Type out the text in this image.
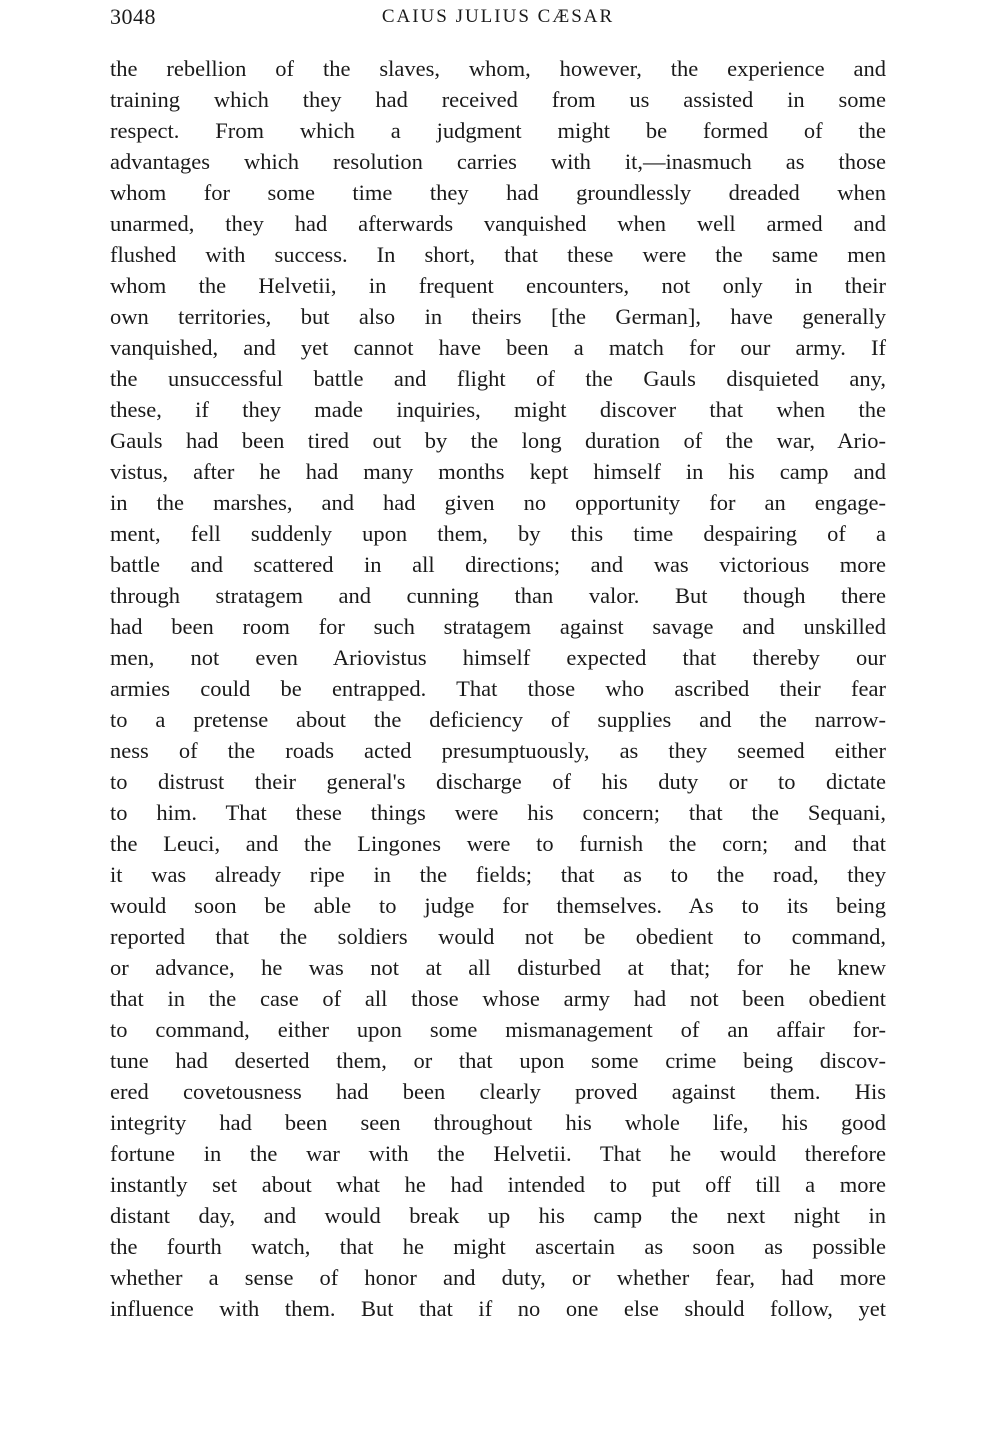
3048	CAIUS JULIUS CÆSAR
the rebellion of the slaves, whom, however, the experience and
training which they had received from us assisted in some
respect. From which a judgment might be formed of the
advantages which resolution carries with it,—inasmuch as those
whom for some time they had groundlessly dreaded when
unarmed, they had afterwards vanquished when well armed and
flushed with success. In short, that these were the same men
whom the Helvetii, in frequent encounters, not only in their
own territories, but also in theirs [the German], have generally
vanquished, and yet cannot have been a match for our army. If
the unsuccessful battle and flight of the Gauls disquieted any,
these, if they made inquiries, might discover that when the
Gauls had been tired out by the long duration of the war, Ario-
vistus, after he had many months kept himself in his camp and
in the marshes, and had given no opportunity for an engage-
ment, fell suddenly upon them, by this time despairing of a
battle and scattered in all directions; and was victorious more
through stratagem and cunning than valor. But though there
had been room for such stratagem against savage and unskilled
men, not even Ariovistus himself expected that thereby our
armies could be entrapped. That those who ascribed their fear
to a pretense about the deficiency of supplies and the narrow-
ness of the roads acted presumptuously, as they seemed either
to distrust their general's discharge of his duty or to dictate
to him. That these things were his concern; that the Sequani,
the Leuci, and the Lingones were to furnish the corn; and that
it was already ripe in the fields; that as to the road, they
would soon be able to judge for themselves. As to its being
reported that the soldiers would not be obedient to command,
or advance, he was not at all disturbed at that; for he knew
that in the case of all those whose army had not been obedient
to command, either upon some mismanagement of an affair for-
tune had deserted them, or that upon some crime being discov-
ered covetousness had been clearly proved against them. His
integrity had been seen throughout his whole life, his good
fortune in the war with the Helvetii. That he would therefore
instantly set about what he had intended to put off till a more
distant day, and would break up his camp the next night in
the fourth watch, that he might ascertain as soon as possible
whether a sense of honor and duty, or whether fear, had more
influence with them. But that if no one else should follow, yet
